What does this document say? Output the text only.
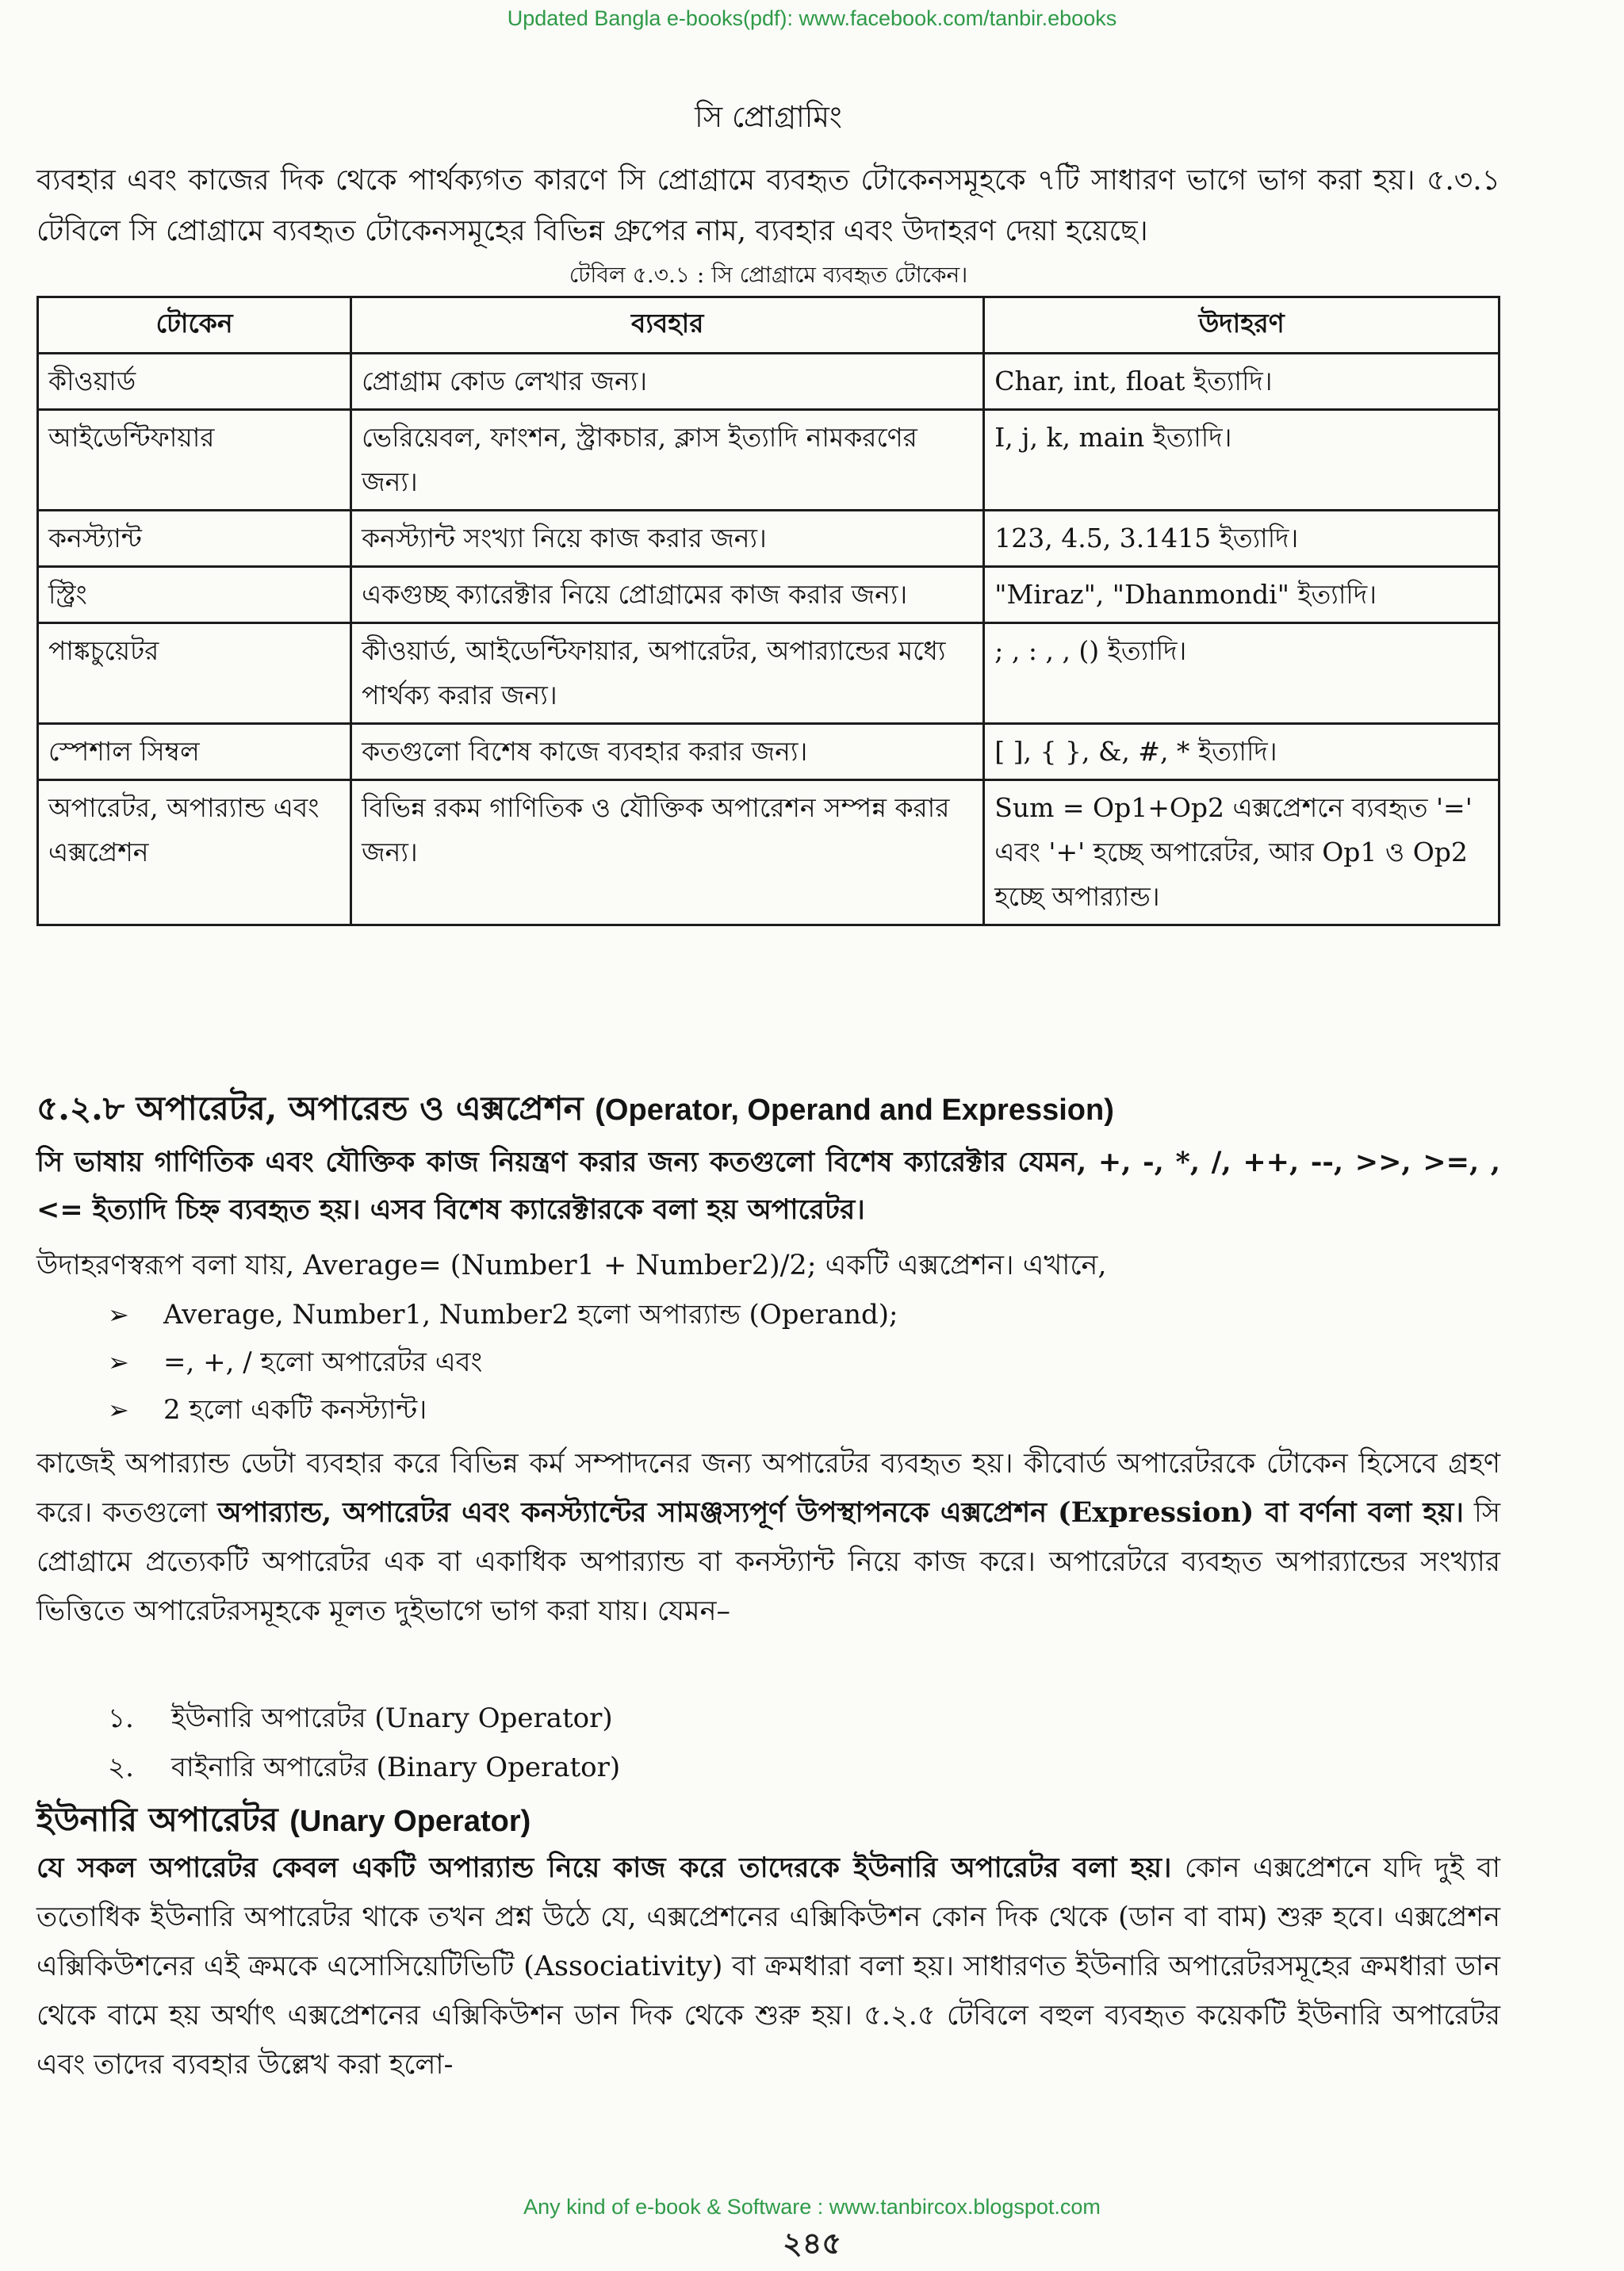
Updated Bangla e-books(pdf): www.facebook.com/tanbir.ebooks
সি প্রোগ্রামিং

ব্যবহার এবং কাজের দিক থেকে পার্থক্যগত কারণে সি প্রোগ্রামে ব্যবহৃত টোকেনসমূহকে ৭টি সাধারণ ভাগে ভাগ করা হয়। ৫.৩.১ টেবিলে সি প্রোগ্রামে ব্যবহৃত টোকেনসমূহের বিভিন্ন গ্রুপের নাম, ব্যবহার এবং উদাহরণ দেয়া হয়েছে।

টেবিল ৫.৩.১ : সি প্রোগ্রামে ব্যবহৃত টোকেন।
টোকেন	ব্যবহার	উদাহরণ
কীওয়ার্ড	প্রোগ্রাম কোড লেখার জন্য।	Char, int, float ইত্যাদি।
আইডেন্টিফায়ার	ভেরিয়েবল, ফাংশন, স্ট্রাকচার, ক্লাস ইত্যাদি নামকরণের জন্য।	I, j, k, main ইত্যাদি।
কনস্ট্যান্ট	কনস্ট্যান্ট সংখ্যা নিয়ে কাজ করার জন্য।	123, 4.5, 3.1415 ইত্যাদি।
স্ট্রিং	একগুচ্ছ ক্যারেক্টার নিয়ে প্রোগ্রামের কাজ করার জন্য।	"Miraz", "Dhanmondi" ইত্যাদি।
পাঙ্কচুয়েটর	কীওয়ার্ড, আইডেন্টিফায়ার, অপারেটর, অপার‍্যান্ডের মধ্যে পার্থক্য করার জন্য।	; , : , , () ইত্যাদি।
স্পেশাল সিম্বল	কতগুলো বিশেষ কাজে ব্যবহার করার জন্য।	[ ], { }, &, #, * ইত্যাদি।
অপারেটর, অপার‍্যান্ড এবং এক্সপ্রেশন	বিভিন্ন রকম গাণিতিক ও যৌক্তিক অপারেশন সম্পন্ন করার জন্য।	Sum = Op1+Op2 এক্সপ্রেশনে ব্যবহৃত '=' এবং '+' হচ্ছে অপারেটর, আর Op1 ও Op2 হচ্ছে অপার‍্যান্ড।
৫.২.৮ অপারেটর, অপারেন্ড ও এক্সপ্রেশন (Operator, Operand and Expression)

সি ভাষায় গাণিতিক এবং যৌক্তিক কাজ নিয়ন্ত্রণ করার জন্য কতগুলো বিশেষ ক্যারেক্টার যেমন, +, -, *, /, ++, --, >>, >=, ,<= ইত্যাদি চিহ্ন ব্যবহৃত হয়। এসব বিশেষ ক্যারেক্টারকে বলা হয় অপারেটর।

উদাহরণস্বরূপ বলা যায়, Average= (Number1 + Number2)/2; একটি এক্সপ্রেশন। এখানে,

➢	Average, Number1, Number2 হলো অপার‍্যান্ড (Operand);
➢	=, +, / হলো অপারেটর এবং
➢	2 হলো একটি কনস্ট্যান্ট।

কাজেই অপার‍্যান্ড ডেটা ব্যবহার করে বিভিন্ন কর্ম সম্পাদনের জন্য অপারেটর ব্যবহৃত হয়। কীবোর্ড অপারেটরকে টোকেন হিসেবে গ্রহণ করে। কতগুলো অপার‍্যান্ড, অপারেটর এবং কনস্ট্যান্টের সামঞ্জস্যপূর্ণ উপস্থাপনকে এক্সপ্রেশন (Expression) বা বর্ণনা বলা হয়। সি প্রোগ্রামে প্রত্যেকটি অপারেটর এক বা একাধিক অপার‍্যান্ড বা কনস্ট্যান্ট নিয়ে কাজ করে। অপারেটরে ব্যবহৃত অপার‍্যান্ডের সংখ্যার ভিত্তিতে অপারেটরসমূহকে মূলত দুইভাগে ভাগ করা যায়। যেমন–

১.	ইউনারি অপারেটর (Unary Operator)
২.	বাইনারি অপারেটর (Binary Operator)
ইউনারি অপারেটর (Unary Operator)

যে সকল অপারেটর কেবল একটি অপার‍্যান্ড নিয়ে কাজ করে তাদেরকে ইউনারি অপারেটর বলা হয়। কোন এক্সপ্রেশনে যদি দুই বা ততোধিক ইউনারি অপারেটর থাকে তখন প্রশ্ন উঠে যে, এক্সপ্রেশনের এক্সিকিউশন কোন দিক থেকে (ডান বা বাম) শুরু হবে। এক্সপ্রেশন এক্সিকিউশনের এই ক্রমকে এসোসিয়েটিভিটি (Associativity) বা ক্রমধারা বলা হয়। সাধারণত ইউনারি অপারেটরসমূহের ক্রমধারা ডান থেকে বামে হয় অর্থাৎ এক্সপ্রেশনের এক্সিকিউশন ডান দিক থেকে শুরু হয়। ৫.২.৫ টেবিলে বহুল ব্যবহৃত কয়েকটি ইউনারি অপারেটর এবং তাদের ব্যবহার উল্লেখ করা হলো-

Any kind of e-book & Software : www.tanbircox.blogspot.com
২৪৫
